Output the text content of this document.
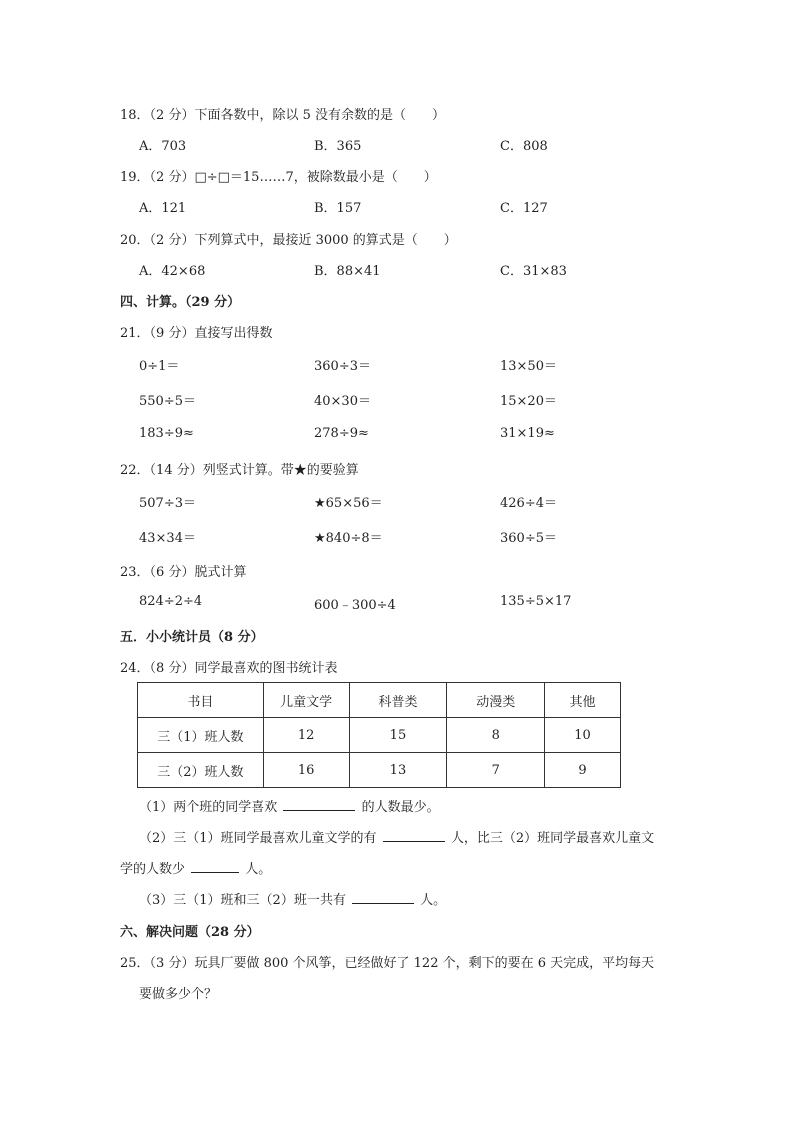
18．（2 分）下面各数中，除以 5 没有余数的是（　　）
A．703	B．365	C．808
19．（2 分）□÷□＝15……7，被除数最小是（　　）
A．121	B．157	C．127
20．（2 分）下列算式中，最接近 3000 的算式是（　　）
A．42×68	B．88×41	C．31×83
四、计算。（29 分）
21．（9 分）直接写出得数
0÷1＝	360÷3＝	13×50＝
550÷5＝	40×30＝	15×20＝
183÷9≈	278÷9≈	31×19≈
22．（14 分）列竖式计算。带★的要验算
507÷3＝	★65×56＝	426÷4＝
43×34＝	★840÷8＝	360÷5＝
23．（6 分）脱式计算
824÷2÷4	600﹣300÷4	135÷5×17
五．小小统计员（8 分）
24．（8 分）同学最喜欢的图书统计表
书目	儿童文学	科普类	动漫类	其他
三（1）班人数	12	15	8	10
三（2）班人数	16	13	7	9
（1）两个班的同学喜欢	的人数最少。
（2）三（1）班同学最喜欢儿童文学的有	人，比三（2）班同学最喜欢儿童文
学的人数少	人。
（3）三（1）班和三（2）班一共有	人。
六、解决问题（28 分）
25．（3 分）玩具厂要做 800 个风筝，已经做好了 122 个，剩下的要在 6 天完成，平均每天
要做多少个？
